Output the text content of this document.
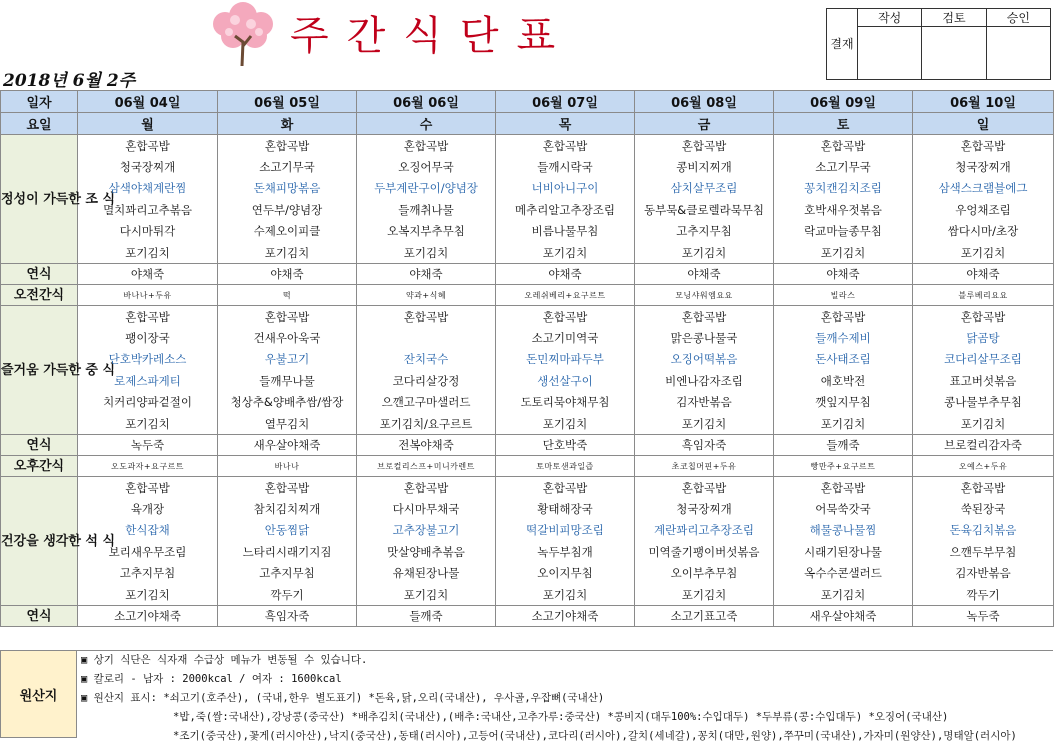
주간식단표
2018년 6월 2주
결재	작성	검토	승인

일자	06월 04일	06월 05일	06월 06일	06월 07일	06월 08일	06월 09일	06월 10일
요일	월	화	수	목	금	토	일
정성이 가득한 조 식	혼합곡밥	혼합곡밥	혼합곡밥	혼합곡밥	혼합곡밥	혼합곡밥	혼합곡밥
	청국장찌개	소고기무국	오징어무국	들깨시락국	콩비지찌개	소고기무국	청국장찌개
	삼색야채계란찜	돈채피망볶음	두부계란구이/양념장	너비아니구이	삼치살무조림	꽁치캔김치조림	삼색스크램블에그
	멸치꽈리고추볶음	연두부/양념장	들깨취나물	메추리알고추장조림	동부묵&클로렐라묵무침	호박새우젓볶음	우엉채조림
	다시마튀각	수제오이피클	오복지부추무침	비름나물무침	고추지무침	락교마늘종무침	쌈다시마/초장
	포기김치	포기김치	포기김치	포기김치	포기김치	포기김치	포기김치
연식	야채죽	야채죽	야채죽	야채죽	야채죽	야채죽	야채죽
오전간식	바나나+두유	떡	약과+식혜	오레쉬베리+요구르트	모닝샤워엠요요	빌라스	블루베리요요
즐거움 가득한 중 식	혼합곡밥	혼합곡밥	혼합곡밥	혼합곡밥	혼합곡밥	혼합곡밥	혼합곡밥
	팽이장국	건새우아욱국		소고기미역국	맑은콩나물국	들깨수제비	닭곰탕
	단호박카레소스	우불고기	잔치국수	돈민찌마파두부	오징어떡볶음	돈사태조림	코다리살무조림
	로제스파게티	들깨무나물	코다리살강정	생선살구이	비엔나감자조림	애호박전	표고버섯볶음
	치커리양파겉절이	청상추&양배추쌈/쌈장	으깬고구마샐러드	도토리묵야채무침	김자반볶음	깻잎지무침	콩나물부추무침
	포기김치	열무김치	포기김치/요구르트	포기김치	포기김치	포기김치	포기김치
연식	녹두죽	새우살야채죽	전복야채죽	단호박죽	흑임자죽	들깨죽	브로컬리감자죽
오후간식	오도과자+요구르트	바나나	브로컬리스프+미니카렌트	토마토샌과일즙	초코칩머핀+두유	빵만주+요구르트	오예스+두유
건강을 생각한 석 식	혼합곡밥	혼합곡밥	혼합곡밥	혼합곡밥	혼합곡밥	혼합곡밥	혼합곡밥
	육개장	참치김치찌개	다시마무채국	황태해장국	청국장찌개	어묵쑥갓국	쑥된장국
	한식잡채	안동찜닭	고추장불고기	떡갈비피망조림	계란꽈리고추장조림	해물콩나물찜	돈육김치볶음
	보리새우무조림	느타리시래기지짐	맛살양배추볶음	녹두부침개	미역줄기팽이버섯볶음	시래기된장나물	으깬두부무침
	고추지무침	고추지무침	유채된장나물	오이지무침	오이부추무침	옥수수콘샐러드	김자반볶음
	포기김치	깍두기	포기김치	포기김치	포기김치	포기김치	깍두기
연식	소고기야채죽	흑임자죽	들깨죽	소고기야채죽	소고기표고죽	새우살야채죽	녹두죽
원산지
▣ 상기 식단은 식자재 수급상 메뉴가 변동될 수 있습니다.
▣ 칼로리 - 남자 : 2000kcal / 여자 : 1600kcal
▣ 원산지 표시: *쇠고기(호주산), (국내,한우 별도표기) *돈육,닭,오리(국내산), 우사골,우잡뼈(국내산)
*밥,죽(쌀:국내산),강낭콩(중국산) *배추김치(국내산),(배추:국내산,고추가루:중국산) *콩비지(대두100%:수입대두) *두부류(콩:수입대두) *오징어(국내산)
*조기(중국산),꽃게(러시아산),낙지(중국산),동태(러시아),고등어(국내산),코다리(러시아),갈치(세네갈),꽁치(대만,원양),쭈꾸미(국내산),가자미(원양산),명태알(러시아)
